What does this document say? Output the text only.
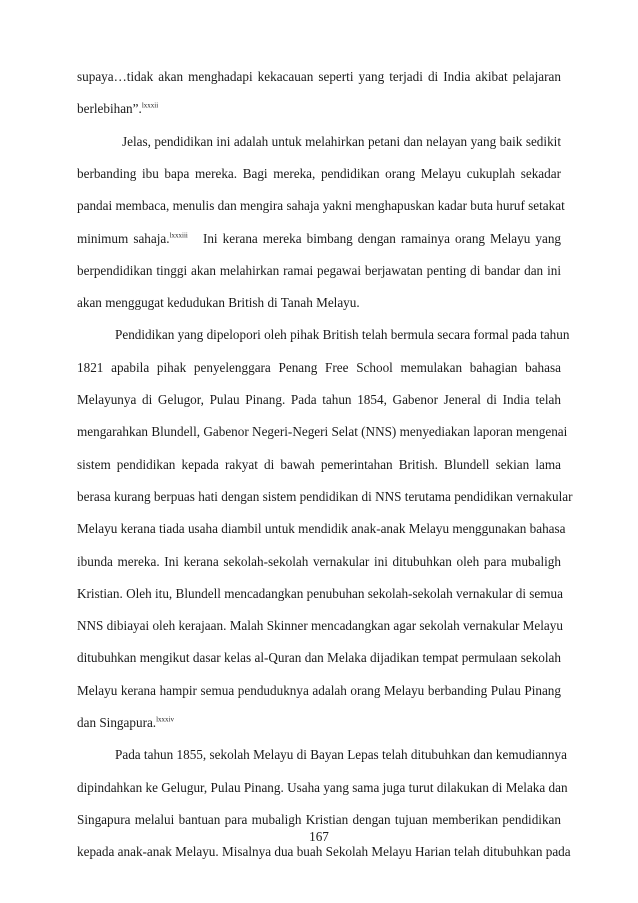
supaya…tidak akan menghadapi kekacauan seperti yang terjadi di India akibat pelajaran
berlebihan”.$^{lxxxii}$
Jelas, pendidikan ini adalah untuk melahirkan petani dan nelayan yang baik sedikit
berbanding ibu bapa mereka. Bagi mereka, pendidikan orang Melayu cukuplah sekadar
pandai membaca, menulis dan mengira sahaja yakni menghapuskan kadar buta huruf setakat
minimum sahaja.$^{lxxxiii}$   Ini kerana mereka bimbang dengan ramainya orang Melayu yang
berpendidikan tinggi akan melahirkan ramai pegawai berjawatan penting di bandar dan ini
akan menggugat kedudukan British di Tanah Melayu.
Pendidikan yang dipelopori oleh pihak British telah bermula secara formal pada tahun
1821 apabila pihak penyelenggara Penang Free School memulakan bahagian bahasa
Melayunya di Gelugor, Pulau Pinang. Pada tahun 1854, Gabenor Jeneral di India telah
mengarahkan Blundell, Gabenor Negeri-Negeri Selat (NNS) menyediakan laporan mengenai
sistem pendidikan kepada rakyat di bawah pemerintahan British. Blundell sekian lama
berasa kurang berpuas hati dengan sistem pendidikan di NNS terutama pendidikan vernakular
Melayu kerana tiada usaha diambil untuk mendidik anak-anak Melayu menggunakan bahasa
ibunda mereka. Ini kerana sekolah-sekolah vernakular ini ditubuhkan oleh para mubaligh
Kristian. Oleh itu, Blundell mencadangkan penubuhan sekolah-sekolah vernakular di semua
NNS dibiayai oleh kerajaan. Malah Skinner mencadangkan agar sekolah vernakular Melayu
ditubuhkan mengikut dasar kelas al-Quran dan Melaka dijadikan tempat permulaan sekolah
Melayu kerana hampir semua penduduknya adalah orang Melayu berbanding Pulau Pinang
dan Singapura.$^{lxxxiv}$
Pada tahun 1855, sekolah Melayu di Bayan Lepas telah ditubuhkan dan kemudiannya
dipindahkan ke Gelugur, Pulau Pinang. Usaha yang sama juga turut dilakukan di Melaka dan
Singapura melalui bantuan para mubaligh Kristian dengan tujuan memberikan pendidikan
kepada anak-anak Melayu. Misalnya dua buah Sekolah Melayu Harian telah ditubuhkan pada
167
